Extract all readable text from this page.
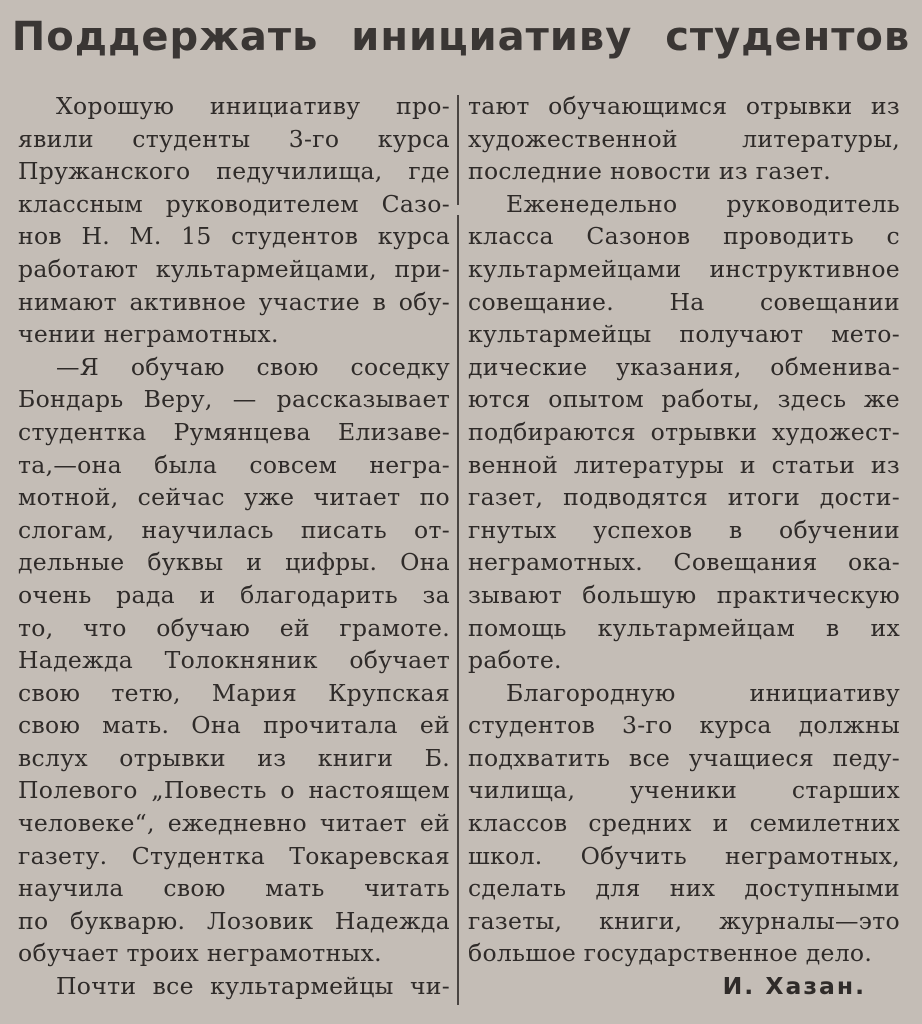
Поддержать инициативу студентов
Хорошую инициативу про-
явили студенты 3-го курса
Пружанского педучилища, где
классным руководителем Сазо-
нов Н. М. 15 студентов курса
работают культармейцами, при-
нимают активное участие в обу-
чении неграмотных.
—Я обучаю свою соседку
Бондарь Веру, — рассказывает
студентка Румянцева Елизаве-
та,—она была совсем негра-
мотной, сейчас уже читает по
слогам, научилась писать от-
дельные буквы и цифры. Она
очень рада и благодарить за
то, что обучаю ей грамоте.
Надежда Толокняник обучает
свою тетю, Мария Крупская
свою мать. Она прочитала ей
вслух отрывки из книги Б.
Полевого „Повесть о настоящем
человеке“, ежедневно читает ей
газету. Студентка Токаревская
научила свою мать читать
по букварю. Лозовик Надежда
обучает троих неграмотных.
Почти все культармейцы чи-
тают обучающимся отрывки из
художественной литературы,
последние новости из газет.
Еженедельно руководитель
класса Сазонов проводить с
культармейцами инструктивное
совещание. На совещании
культармейцы получают мето-
дические указания, обменива-
ются опытом работы, здесь же
подбираются отрывки художест-
венной литературы и статьи из
газет, подводятся итоги дости-
гнутых успехов в обучении
неграмотных. Совещания ока-
зывают большую практическую
помощь культармейцам в их
работе.
Благородную инициативу
студентов 3-го курса должны
подхватить все учащиеся педу-
чилища, ученики старших
классов средних и семилетних
школ. Обучить неграмотных,
сделать для них доступными
газеты, книги, журналы—это
большое государственное дело.
И. Хазан.
